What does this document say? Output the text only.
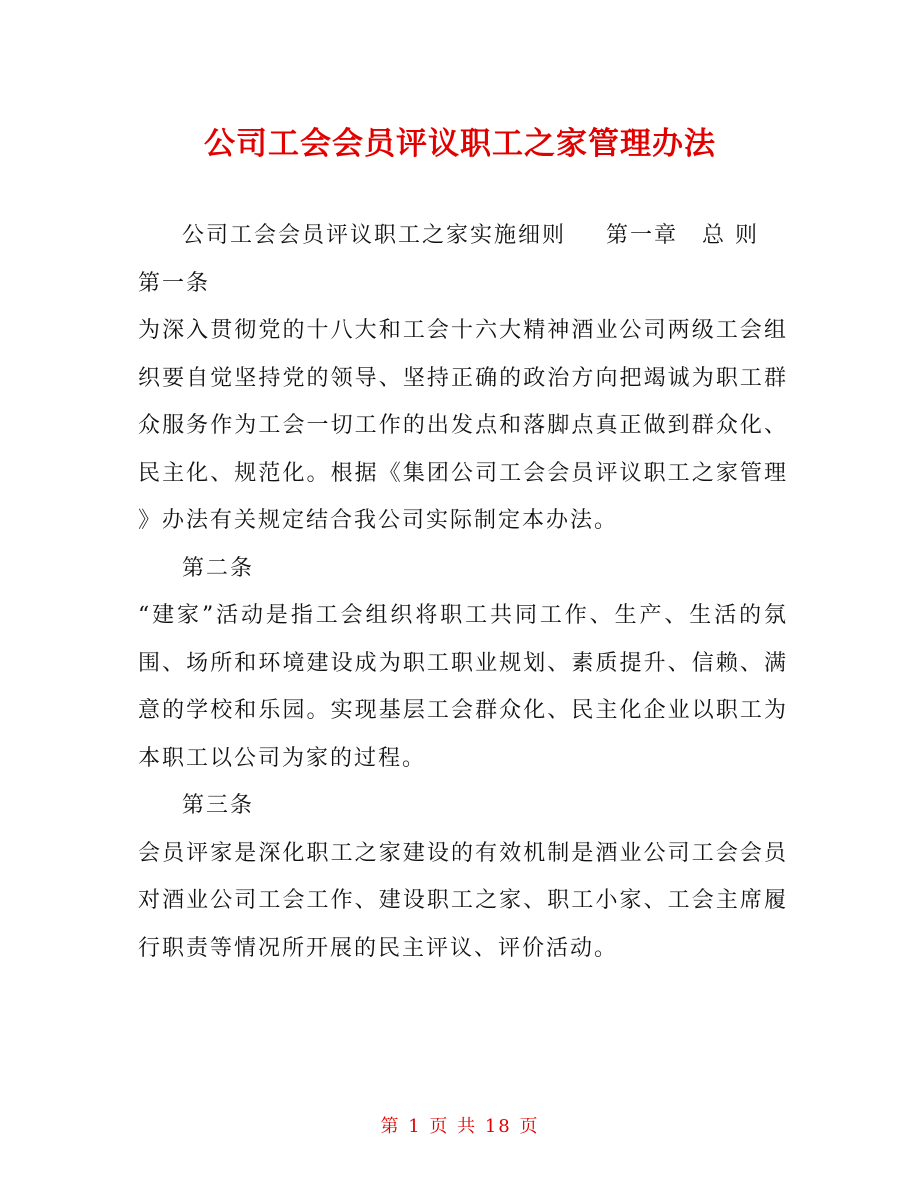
公司工会会员评议职工之家管理办法
公司工会会员评议职工之家实施细则 第一章　总 则
第一条
为深入贯彻党的十八大和工会十六大精神酒业公司两级工会组
织要自觉坚持党的领导、坚持正确的政治方向把竭诚为职工群
众服务作为工会一切工作的出发点和落脚点真正做到群众化、
民主化、规范化。根据《集团公司工会会员评议职工之家管理
》办法有关规定结合我公司实际制定本办法。
第二条
“建家”活动是指工会组织将职工共同工作、生产、生活的氛
围、场所和环境建设成为职工职业规划、素质提升、信赖、满
意的学校和乐园。实现基层工会群众化、民主化企业以职工为
本职工以公司为家的过程。
第三条
会员评家是深化职工之家建设的有效机制是酒业公司工会会员
对酒业公司工会工作、建设职工之家、职工小家、工会主席履
行职责等情况所开展的民主评议、评价活动。
第 1 页 共 18 页
